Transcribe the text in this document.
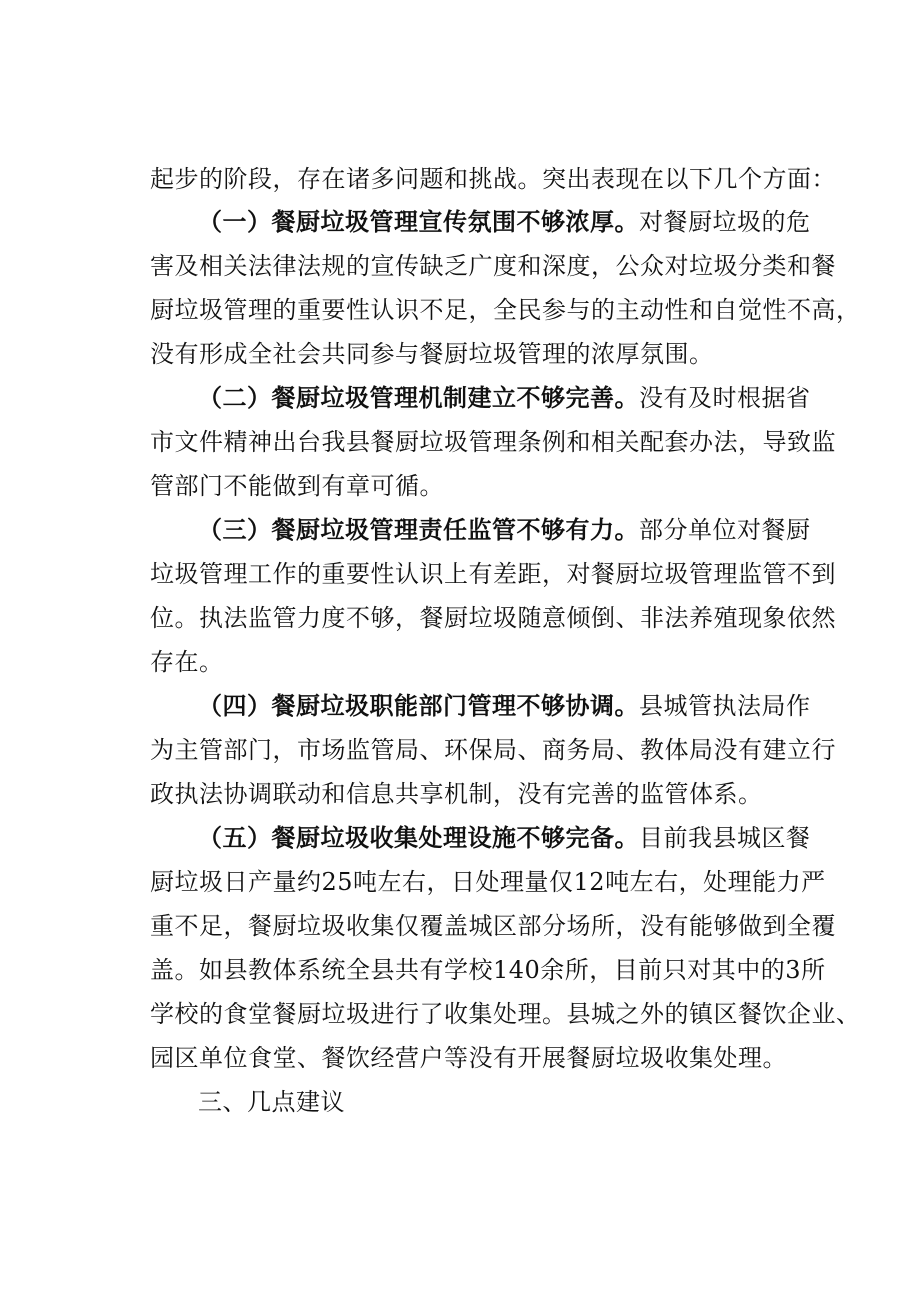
起步的阶段，存在诸多问题和挑战。突出表现在以下几个方面：
（一）餐厨垃圾管理宣传氛围不够浓厚。对餐厨垃圾的危
害及相关法律法规的宣传缺乏广度和深度，公众对垃圾分类和餐
厨垃圾管理的重要性认识不足，全民参与的主动性和自觉性不高，
没有形成全社会共同参与餐厨垃圾管理的浓厚氛围。
（二）餐厨垃圾管理机制建立不够完善。没有及时根据省
市文件精神出台我县餐厨垃圾管理条例和相关配套办法，导致监
管部门不能做到有章可循。
（三）餐厨垃圾管理责任监管不够有力。部分单位对餐厨
垃圾管理工作的重要性认识上有差距，对餐厨垃圾管理监管不到
位。执法监管力度不够，餐厨垃圾随意倾倒、非法养殖现象依然
存在。
（四）餐厨垃圾职能部门管理不够协调。县城管执法局作
为主管部门，市场监管局、环保局、商务局、教体局没有建立行
政执法协调联动和信息共享机制，没有完善的监管体系。
（五）餐厨垃圾收集处理设施不够完备。目前我县城区餐
厨垃圾日产量约25吨左右，日处理量仅12吨左右，处理能力严
重不足，餐厨垃圾收集仅覆盖城区部分场所，没有能够做到全覆
盖。如县教体系统全县共有学校140余所，目前只对其中的3所
学校的食堂餐厨垃圾进行了收集处理。县城之外的镇区餐饮企业、
园区单位食堂、餐饮经营户等没有开展餐厨垃圾收集处理。
三、几点建议
